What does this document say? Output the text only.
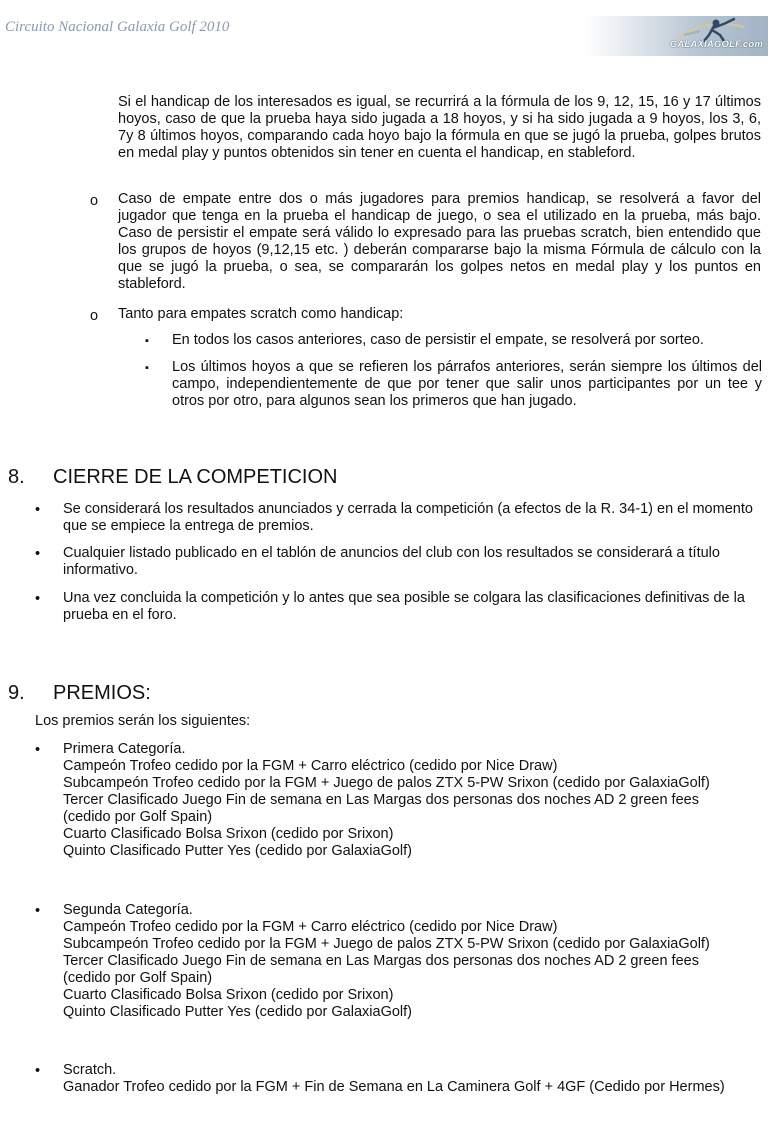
Circuito Nacional Galaxia Golf 2010
GALAXIAGOLF.com

Si el handicap de los interesados es igual, se recurrirá a la fórmula de los 9, 12, 15, 16 y 17 últimos hoyos, caso de que la prueba haya sido jugada a 18 hoyos, y si ha sido jugada a 9 hoyos, los 3, 6, 7y 8 últimos hoyos, comparando cada hoyo bajo la fórmula en que se jugó la prueba, golpes brutos en medal play y puntos obtenidos sin tener en cuenta el handicap, en stableford.

o Caso de empate entre dos o más jugadores para premios handicap, se resolverá a favor del jugador que tenga en la prueba el handicap de juego, o sea el utilizado en la prueba, más bajo. Caso de persistir el empate será válido lo expresado para las pruebas scratch, bien entendido que los grupos de hoyos (9,12,15 etc. ) deberán compararse bajo la misma Fórmula de cálculo con la que se jugó la prueba, o sea, se compararán los golpes netos en medal play y los puntos en stableford.

o Tanto para empates scratch como handicap:

▪ En todos los casos anteriores, caso de persistir el empate, se resolverá por sorteo.

▪ Los últimos hoyos a que se refieren los párrafos anteriores, serán siempre los últimos del campo, independientemente de que por tener que salir unos participantes por un tee y otros por otro, para algunos sean los primeros que han jugado.

8. CIERRE DE LA COMPETICION
• Se considerará los resultados anunciados y cerrada la competición (a efectos de la R. 34-1) en el momento que se empiece la entrega de premios.

• Cualquier listado publicado en el tablón de anuncios del club con los resultados se considerará a título informativo.

• Una vez concluida la competición y lo antes que sea posible se colgara las clasificaciones definitivas de la prueba en el foro.

9. PREMIOS:

Los premios serán los siguientes:

• Primera Categoría.
Campeón Trofeo cedido por la FGM + Carro eléctrico (cedido por Nice Draw)
Subcampeón Trofeo cedido por la FGM + Juego de palos ZTX 5-PW Srixon (cedido por GalaxiaGolf)
Tercer Clasificado Juego Fin de semana en Las Margas dos personas dos noches AD 2 green fees
(cedido por Golf Spain)
Cuarto Clasificado Bolsa Srixon (cedido por Srixon)
Quinto Clasificado Putter Yes (cedido por GalaxiaGolf)
• Segunda Categoría.
Campeón Trofeo cedido por la FGM + Carro eléctrico (cedido por Nice Draw)
Subcampeón Trofeo cedido por la FGM + Juego de palos ZTX 5-PW Srixon (cedido por GalaxiaGolf)
Tercer Clasificado Juego Fin de semana en Las Margas dos personas dos noches AD 2 green fees
(cedido por Golf Spain)
Cuarto Clasificado Bolsa Srixon (cedido por Srixon)
Quinto Clasificado Putter Yes (cedido por GalaxiaGolf)
• Scratch.
Ganador Trofeo cedido por la FGM + Fin de Semana en La Caminera Golf + 4GF (Cedido por Hermes)
